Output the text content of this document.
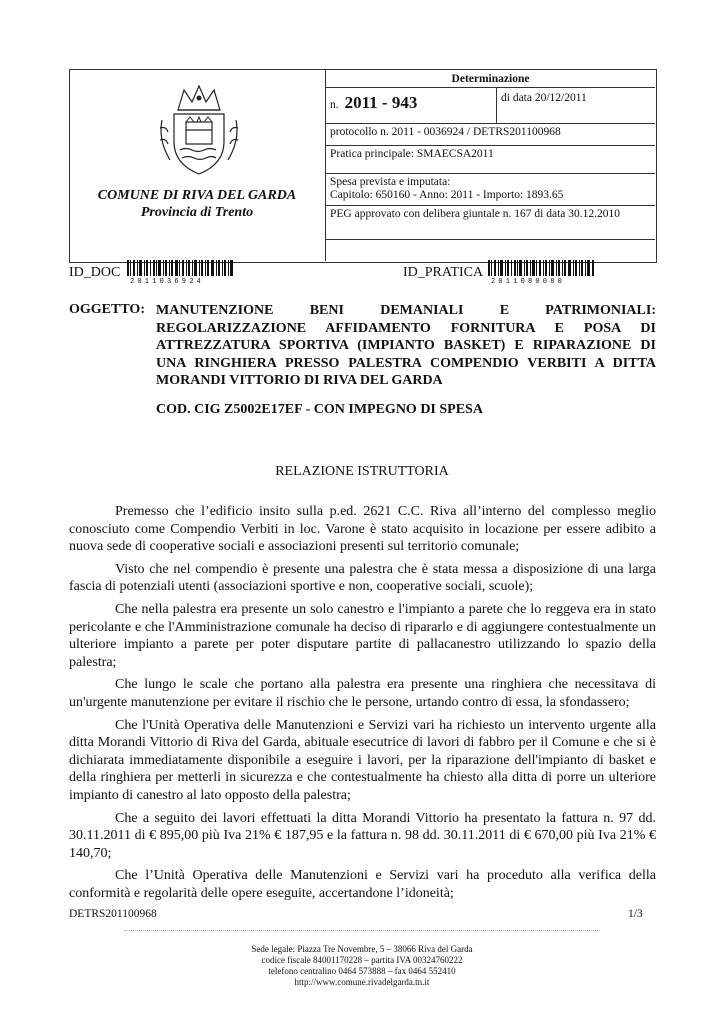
COMUNE DI RIVA DEL GARDA
Provincia di Trento
Determinazione
n. 2011 - 943	di data 20/12/2011
protocollo n. 2011 - 0036924 / DETRS201100968
Pratica principale: SMAECSA2011
Spesa prevista e imputata:
Capitolo: 650160 - Anno: 2011 - Importo: 1893.65
PEG approvato con delibera giuntale n. 167 di data 30.12.2010
ID_DOC
2011036924
ID_PRATICA
2011080080
OGGETTO: MANUTENZIONE BENI DEMANIALI E PATRIMONIALI: REGOLARIZZAZIONE AFFIDAMENTO FORNITURA E POSA DI ATTREZZATURA SPORTIVA (IMPIANTO BASKET) E RIPARAZIONE DI UNA RINGHIERA PRESSO PALESTRA COMPENDIO VERBITI A DITTA MORANDI VITTORIO DI RIVA DEL GARDA
COD. CIG Z5002E17EF - CON IMPEGNO DI SPESA
RELAZIONE ISTRUTTORIA

Premesso che l’edificio insito sulla p.ed. 2621 C.C. Riva all’interno del complesso meglio conosciuto come Compendio Verbiti in loc. Varone è stato acquisito in locazione per essere adibito a nuova sede di cooperative sociali e associazioni presenti sul territorio comunale;

Visto che nel compendio è presente una palestra che è stata messa a disposizione di una larga fascia di potenziali utenti (associazioni sportive e non, cooperative sociali, scuole);

Che nella palestra era presente un solo canestro e l'impianto a parete che lo reggeva era in stato pericolante e che l'Amministrazione comunale ha deciso di ripararlo e di aggiungere contestualmente un ulteriore impianto a parete per poter disputare partite di pallacanestro utilizzando lo spazio della palestra;

Che lungo le scale che portano alla palestra era presente una ringhiera che necessitava di un'urgente manutenzione per evitare il rischio che le persone, urtando contro di essa, la sfondassero;

Che l'Unità Operativa delle Manutenzioni e Servizi vari ha richiesto un intervento urgente alla ditta Morandi Vittorio di Riva del Garda, abituale esecutrice di lavori di fabbro per il Comune e che si è dichiarata immediatamente disponibile a eseguire i lavori, per la riparazione dell'impianto di basket e della ringhiera per metterli in sicurezza e che contestualmente ha chiesto alla ditta di porre un ulteriore impianto di canestro al lato opposto della palestra;

Che a seguito dei lavori effettuati la ditta Morandi Vittorio ha presentato la fattura n. 97 dd. 30.11.2011 di € 895,00 più Iva 21% € 187,95 e la fattura n. 98 dd. 30.11.2011 di € 670,00 più Iva 21% € 140,70;

Che l’Unità Operativa delle Manutenzioni e Servizi vari ha proceduto alla verifica della conformità e regolarità delle opere eseguite, accertandone l’idoneità;

DETRS201100968	1/3
Sede legale: Piazza Tre Novembre, 5 – 38066 Riva del Garda
codice fiscale 84001170228 – partita IVA 00324760222
telefono centralino 0464 573888 – fax 0464 552410
http://www.comune.rivadelgarda.tn.it
